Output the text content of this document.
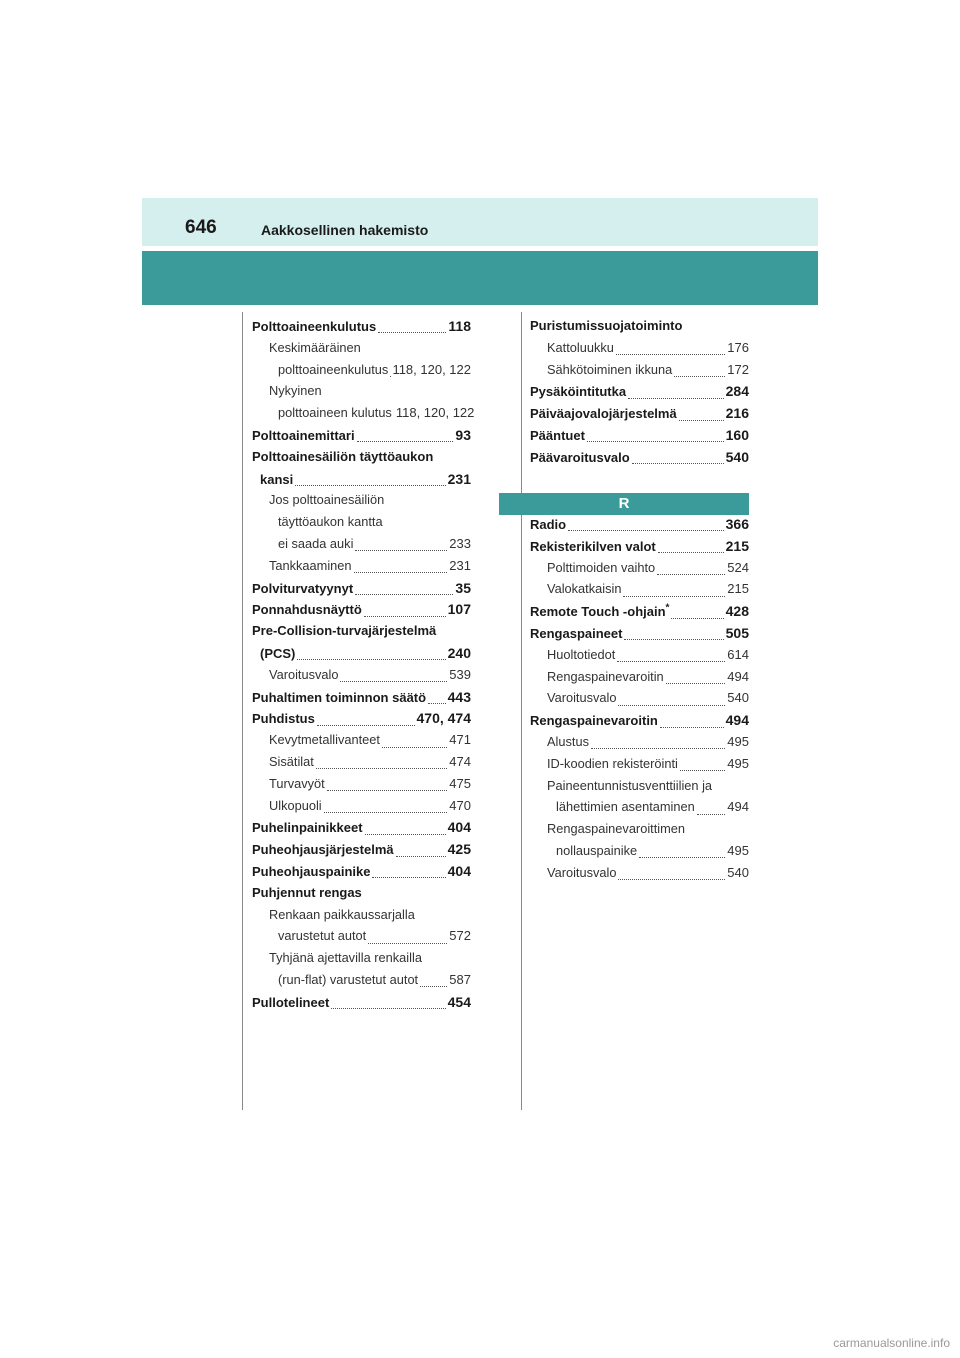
646	Aakkosellinen hakemisto
Polttoaineenkulutus	118
Keskimääräinen
polttoaineenkulutus 118, 120, 122
Nykyinen
polttoaineen kulutus 118, 120, 122
Polttoainemittari	93
Polttoainesäiliön täyttöaukon
kansi	231
Jos polttoainesäiliön
täyttöaukon kantta
ei saada auki	233
Tankkaaminen	231
Polviturvatyynyt	35
Ponnahdusnäyttö	107
Pre-Collision-turvajärjestelmä
(PCS)	240
Varoitusvalo	539
Puhaltimen toiminnon säätö 443
Puhdistus	470, 474
Kevytmetallivanteet	471
Sisätilat	474
Turvavyöt	475
Ulkopuoli	470
Puhelinpainikkeet	404
Puheohjausjärjestelmä	425
Puheohjauspainike	404
Puhjennut rengas
Renkaan paikkaussarjalla
varustetut autot	572
Tyhjänä ajettavilla renkailla
(run-flat) varustetut autot 587
Pullotelineet	454
Puristumissuojatoiminto
Kattoluukku	176
Sähkötoiminen ikkuna	172
Pysäköintitutka	284
Päiväajovalojärjestelmä	216
Pääntuet	160
Päävaroitusvalo	540
R
Radio	366
Rekisterikilven valot	215
Polttimoiden vaihto	524
Valokatkaisin	215
Remote Touch -ohjain*	428
Rengaspaineet	505
Huoltotiedot	614
Rengaspainevaroitin	494
Varoitusvalo	540
Rengaspainevaroitin	494
Alustus	495
ID-koodien rekisteröinti	495
Paineentunnistusventtiilien ja
lähettimien asentaminen	494
Rengaspainevaroittimen
nollauspainike	495
Varoitusvalo	540
carmanualsonline.info
